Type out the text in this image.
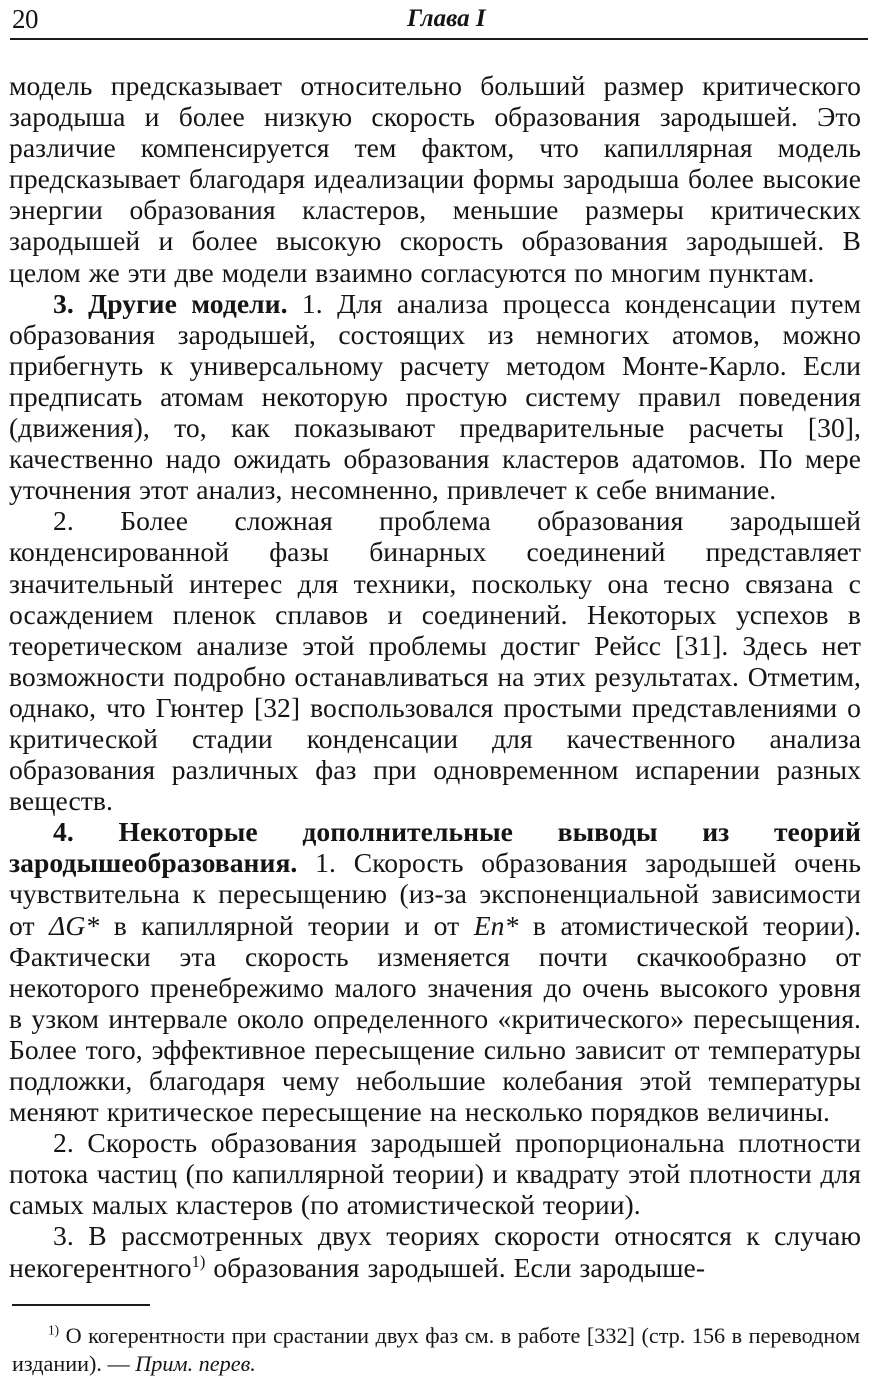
20	Глава I

модель предсказывает относительно больший размер критического зародыша и более низкую скорость образования зародышей. Это различие компенсируется тем фактом, что капиллярная модель предсказывает благодаря идеализации формы зародыша более высокие энергии образования кластеров, меньшие размеры критических зародышей и более высокую скорость образования зародышей. В целом же эти две модели взаимно согласуются по многим пунктам.

3. Другие модели. 1. Для анализа процесса конденсации путем образования зародышей, состоящих из немногих атомов, можно прибегнуть к универсальному расчету методом Монте-Карло. Если предписать атомам некоторую простую систему правил поведения (движения), то, как показывают предварительные расчеты [30], качественно надо ожидать образования кластеров адатомов. По мере уточнения этот анализ, несомненно, привлечет к себе внимание.

2. Более сложная проблема образования зародышей конденсированной фазы бинарных соединений представляет значительный интерес для техники, поскольку она тесно связана с осаждением пленок сплавов и соединений. Некоторых успехов в теоретическом анализе этой проблемы достиг Рейсс [31]. Здесь нет возможности подробно останавливаться на этих результатах. Отметим, однако, что Гюнтер [32] воспользовался простыми представлениями о критической стадии конденсации для качественного анализа образования различных фаз при одновременном испарении разных веществ.

4. Некоторые дополнительные выводы из теорий зародышеобразования. 1. Скорость образования зародышей очень чувствительна к пересыщению (из-за экспоненциальной зависимости от ΔG* в капиллярной теории и от En* в атомистической теории). Фактически эта скорость изменяется почти скачкообразно от некоторого пренебрежимо малого значения до очень высокого уровня в узком интервале около определенного «критического» пересыщения. Более того, эффективное пересыщение сильно зависит от температуры подложки, благодаря чему небольшие колебания этой температуры меняют критическое пересыщение на несколько порядков величины.

2. Скорость образования зародышей пропорциональна плотности потока частиц (по капиллярной теории) и квадрату этой плотности для самых малых кластеров (по атомистической теории).

3. В рассмотренных двух теориях скорости относятся к случаю некогерентного$^{1)}$ образования зародышей. Если зародыше-

$^{1)}$ О когерентности при срастании двух фаз см. в работе [332] (стр. 156 в переводном издании). — Прим. перев.
